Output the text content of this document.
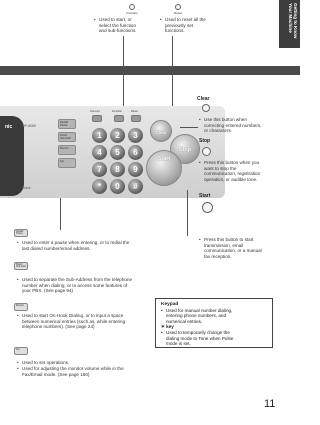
Getting to Know
Your Machine
Function	Reset
• Used to start, or
select the function
and sub-functions.
• Used to reset all the
previously set
functions.
nic	DP-8060
Redial/
Pause
Flash/
Sub-Addr
Monitor
Set
Interrupt	Function	Reset
1	2	3
4	5	6
7	8	9
*	0	#
Clear
Stop
Start
Active
Clear
• Use this button when
correcting entered numbers,
or characters.
Stop
• Press this button when you
want to stop the
communication, registration
operation, or audible tone.
Start
• Press this button to start
transmission, email
communication, or a manual
fax reception.
Redial/
Pause
• Used to enter a pause when entering, or to redial the
last dialed number/email address.
Flash/
Sub-Addr
• Used to separate the Sub-Address from the telephone
number when dialing, or to access some features of
your PBX. (See page 94)
Monitor
• Used to start On-Hook Dialing, or to input a space
between numerical entries (such as, while entering
telephone numbers). (See page 24)
Set
• Used to set operations.
• Used for adjusting the monitor volume while in the
Fax/Email mode. (See page 160)
Keypad
• Used for manual number dialing,
entering phone numbers, and
numerical entries.
✶ key
• Used to temporarily change the
dialing mode to Tone when Pulse
mode is set.
11
